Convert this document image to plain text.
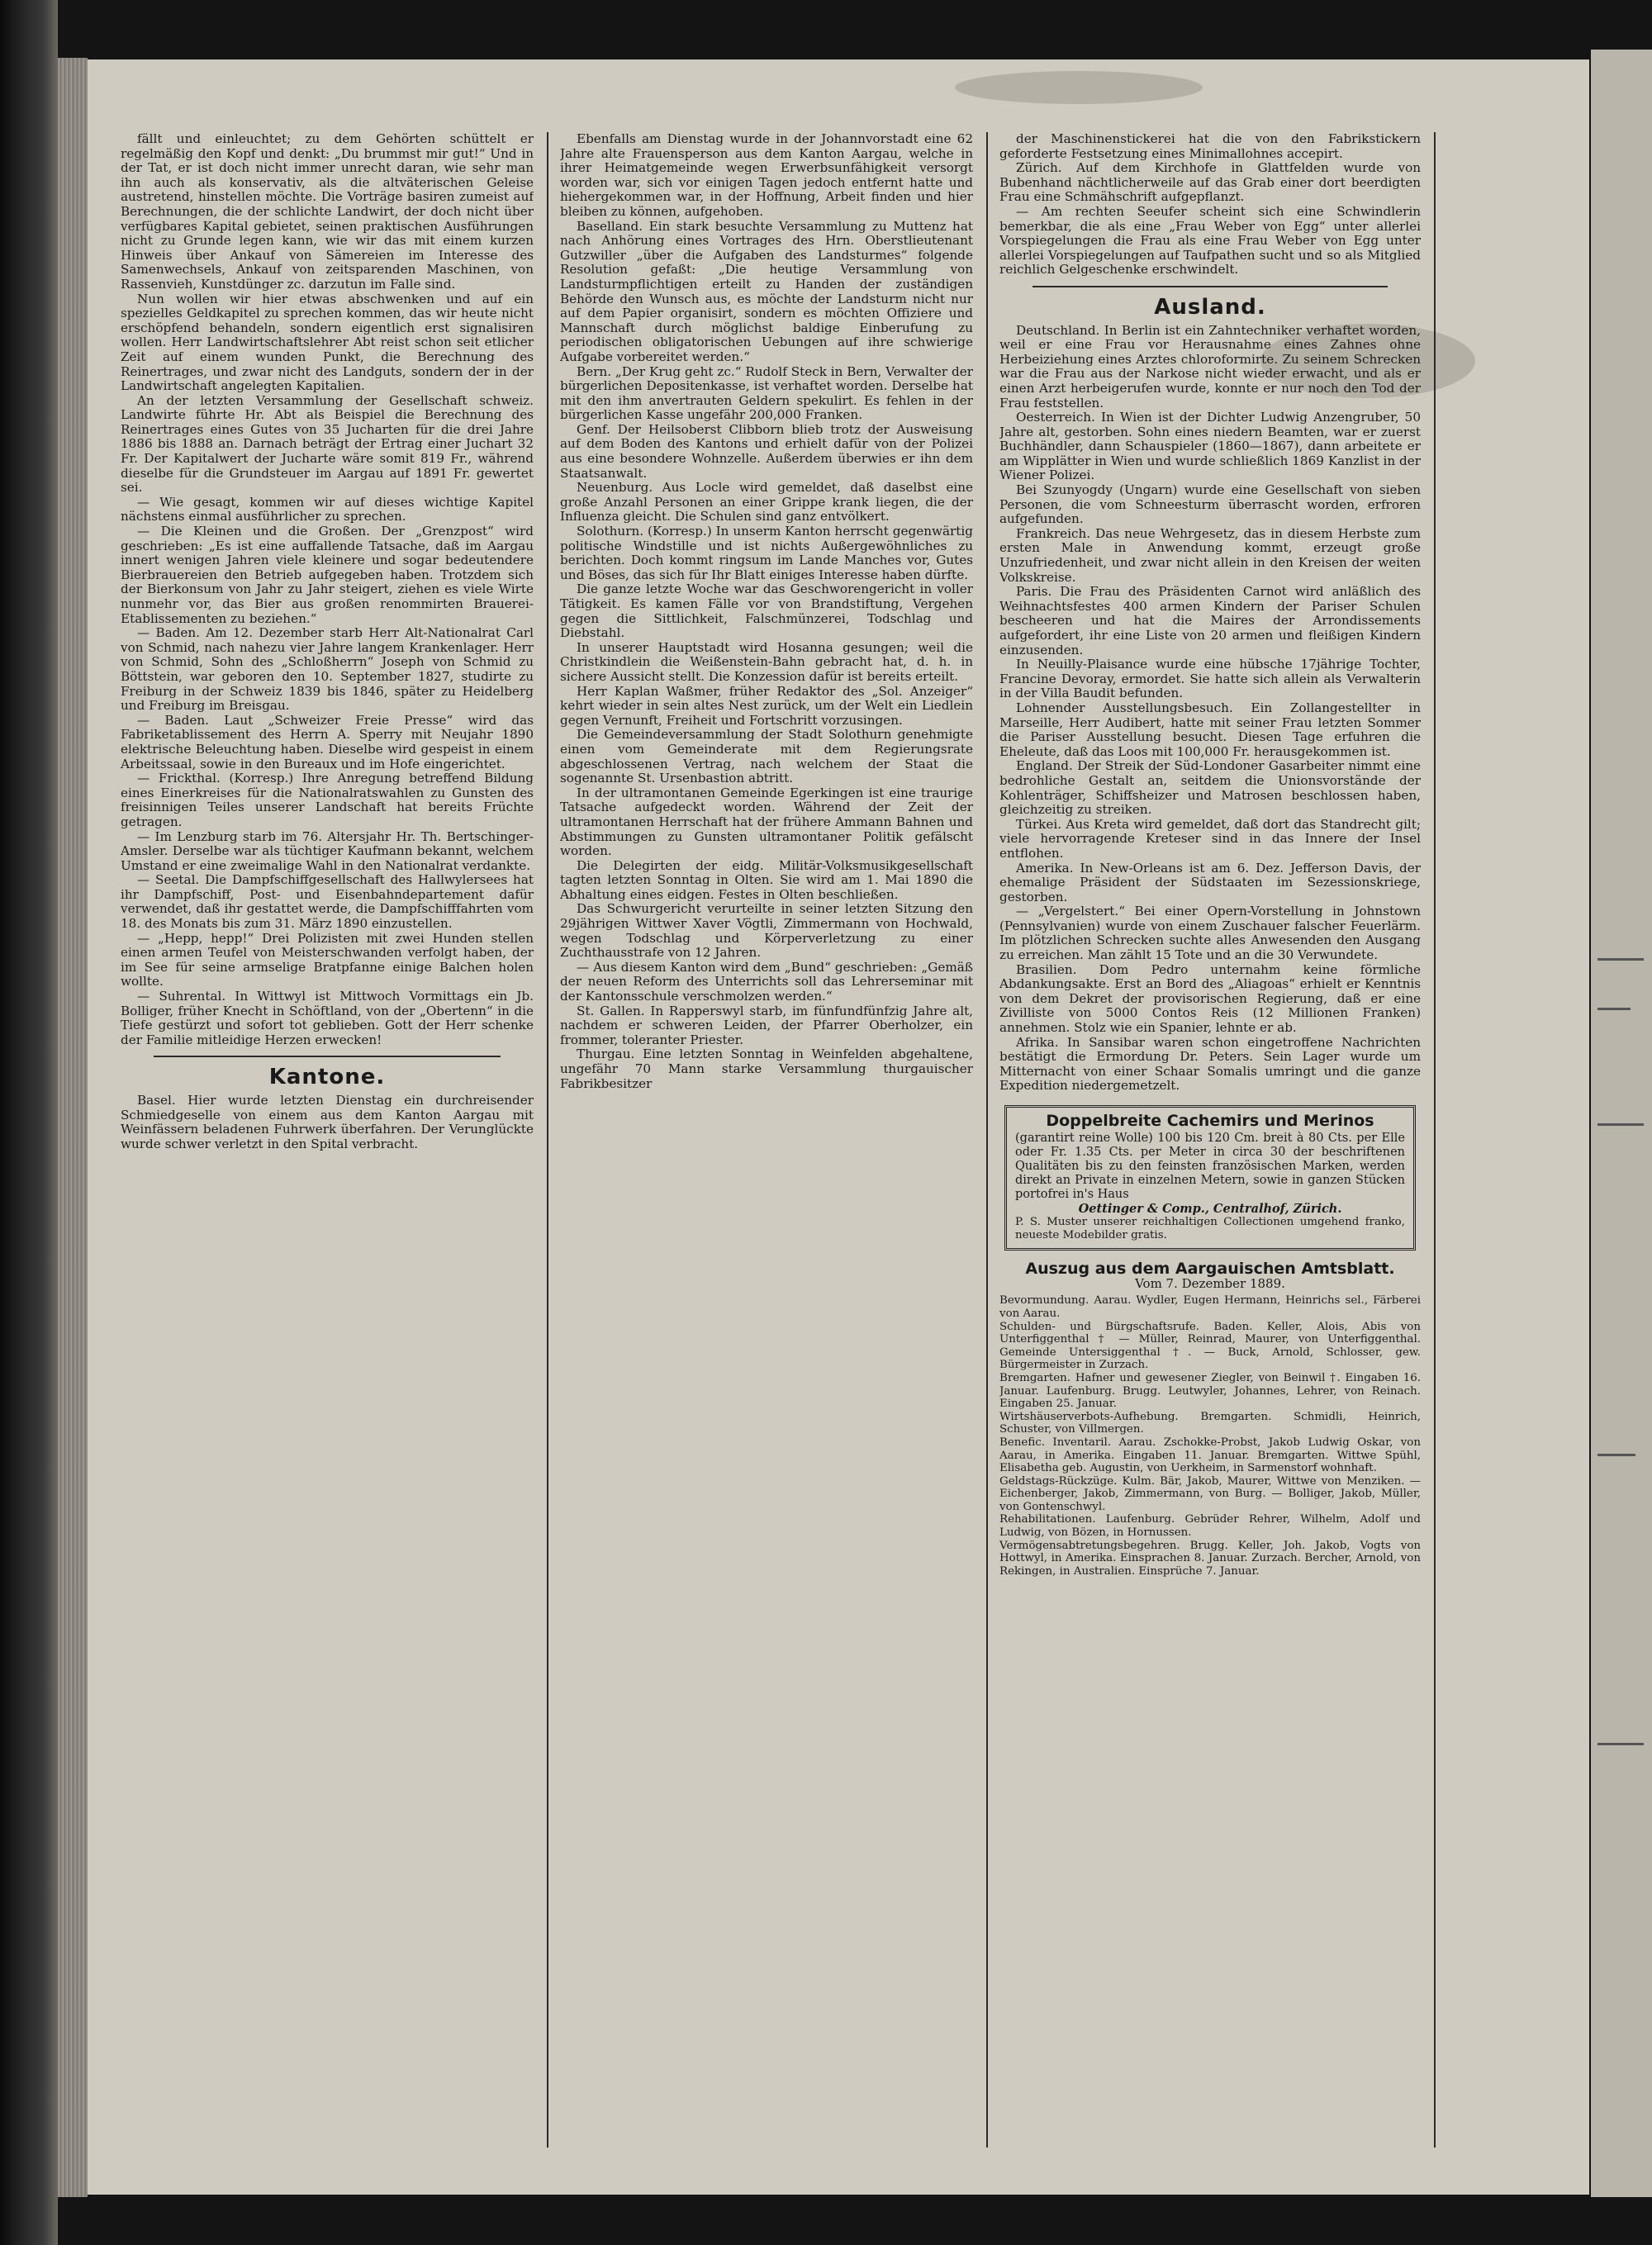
fällt und einleuchtet; zu dem Gehörten schüttelt er regelmäßig den Kopf und denkt: „Du brummst mir gut!“ Und in der Tat, er ist doch nicht immer unrecht daran, wie sehr man ihn auch als konservativ, als die altväterischen Geleise austretend, hinstellen möchte. Die Vorträge basiren zumeist auf Berechnungen, die der schlichte Landwirt, der doch nicht über verfügbares Kapital gebietet, seinen praktischen Ausführungen nicht zu Grunde legen kann, wie wir das mit einem kurzen Hinweis über Ankauf von Sämereien im Interesse des Samenwechsels, Ankauf von zeitsparenden Maschinen, von Rassenvieh, Kunstdünger zc. darzutun im Falle sind.

Nun wollen wir hier etwas abschwenken und auf ein spezielles Geldkapitel zu sprechen kommen, das wir heute nicht erschöpfend behandeln, sondern eigentlich erst signalisiren wollen. Herr Landwirtschaftslehrer Abt reist schon seit etlicher Zeit auf einem wunden Punkt, die Berechnung des Reinertrages, und zwar nicht des Landguts, sondern der in der Landwirtschaft angelegten Kapitalien.

An der letzten Versammlung der Gesellschaft schweiz. Landwirte führte Hr. Abt als Beispiel die Berechnung des Reinertrages eines Gutes von 35 Jucharten für die drei Jahre 1886 bis 1888 an. Darnach beträgt der Ertrag einer Juchart 32 Fr. Der Kapitalwert der Jucharte wäre somit 819 Fr., während dieselbe für die Grundsteuer im Aargau auf 1891 Fr. gewertet sei.

— Wie gesagt, kommen wir auf dieses wichtige Kapitel nächstens einmal ausführlicher zu sprechen.

— Die Kleinen und die Großen. Der „Grenzpost“ wird geschrieben: „Es ist eine auffallende Tatsache, daß im Aargau innert wenigen Jahren viele kleinere und sogar bedeutendere Bierbrauereien den Betrieb aufgegeben haben. Trotzdem sich der Bierkonsum von Jahr zu Jahr steigert, ziehen es viele Wirte nunmehr vor, das Bier aus großen renommirten Brauerei-Etablissementen zu beziehen.“

— Baden. Am 12. Dezember starb Herr Alt-Nationalrat Carl von Schmid, nach nahezu vier Jahre langem Krankenlager. Herr von Schmid, Sohn des „Schloßherrn“ Joseph von Schmid zu Böttstein, war geboren den 10. September 1827, studirte zu Freiburg in der Schweiz 1839 bis 1846, später zu Heidelberg und Freiburg im Breisgau.

— Baden. Laut „Schweizer Freie Presse“ wird das Fabriketablissement des Herrn A. Sperry mit Neujahr 1890 elektrische Beleuchtung haben. Dieselbe wird gespeist in einem Arbeitssaal, sowie in den Bureaux und im Hofe eingerichtet.

— Frickthal. (Korresp.) Ihre Anregung betreffend Bildung eines Einerkreises für die Nationalratswahlen zu Gunsten des freisinnigen Teiles unserer Landschaft hat bereits Früchte getragen.

— Im Lenzburg starb im 76. Altersjahr Hr. Th. Bertschinger-Amsler. Derselbe war als tüchtiger Kaufmann bekannt, welchem Umstand er eine zweimalige Wahl in den Nationalrat verdankte.

— Seetal. Die Dampfschiffgesellschaft des Hallwylersees hat ihr Dampfschiff, Post- und Eisenbahndepartement dafür verwendet, daß ihr gestattet werde, die Dampfschifffahrten vom 18. des Monats bis zum 31. März 1890 einzustellen.

— „Hepp, hepp!“ Drei Polizisten mit zwei Hunden stellen einen armen Teufel von Meisterschwanden verfolgt haben, der im See für seine armselige Bratpfanne einige Balchen holen wollte.

— Suhrental. In Wittwyl ist Mittwoch Vormittags ein Jb. Bolliger, früher Knecht in Schöftland, von der „Obertenn“ in die Tiefe gestürzt und sofort tot geblieben. Gott der Herr schenke der Familie mitleidige Herzen erwecken!

Kantone.

Basel. Hier wurde letzten Dienstag ein durchreisender Schmiedgeselle von einem aus dem Kanton Aargau mit Weinfässern beladenen Fuhrwerk überfahren. Der Verunglückte wurde schwer verletzt in den Spital verbracht.

Ebenfalls am Dienstag wurde in der Johannvorstadt eine 62 Jahre alte Frauensperson aus dem Kanton Aargau, welche in ihrer Heimatgemeinde wegen Erwerbsunfähigkeit versorgt worden war, sich vor einigen Tagen jedoch entfernt hatte und hiehergekommen war, in der Hoffnung, Arbeit finden und hier bleiben zu können, aufgehoben.

Baselland. Ein stark besuchte Versammlung zu Muttenz hat nach Anhörung eines Vortrages des Hrn. Oberstlieutenant Gutzwiller „über die Aufgaben des Landsturmes“ folgende Resolution gefaßt: „Die heutige Versammlung von Landsturmpflichtigen erteilt zu Handen der zuständigen Behörde den Wunsch aus, es möchte der Landsturm nicht nur auf dem Papier organisirt, sondern es möchten Offiziere und Mannschaft durch möglichst baldige Einberufung zu periodischen obligatorischen Uebungen auf ihre schwierige Aufgabe vorbereitet werden.“

Bern. „Der Krug geht zc.“ Rudolf Steck in Bern, Verwalter der bürgerlichen Depositenkasse, ist verhaftet worden. Derselbe hat mit den ihm anvertrauten Geldern spekulirt. Es fehlen in der bürgerlichen Kasse ungefähr 200,000 Franken.

Genf. Der Heilsoberst Clibborn blieb trotz der Ausweisung auf dem Boden des Kantons und erhielt dafür von der Polizei aus eine besondere Wohnzelle. Außerdem überwies er ihn dem Staatsanwalt.

Neuenburg. Aus Locle wird gemeldet, daß daselbst eine große Anzahl Personen an einer Grippe krank liegen, die der Influenza gleicht. Die Schulen sind ganz entvölkert.

Solothurn. (Korresp.) In unserm Kanton herrscht gegenwärtig politische Windstille und ist nichts Außergewöhnliches zu berichten. Doch kommt ringsum im Lande Manches vor, Gutes und Böses, das sich für Ihr Blatt einiges Interesse haben dürfte.

Die ganze letzte Woche war das Geschworengericht in voller Tätigkeit. Es kamen Fälle vor von Brandstiftung, Vergehen gegen die Sittlichkeit, Falschmünzerei, Todschlag und Diebstahl.

In unserer Hauptstadt wird Hosanna gesungen; weil die Christkindlein die Weißenstein-Bahn gebracht hat, d. h. in sichere Aussicht stellt. Die Konzession dafür ist bereits erteilt.

Herr Kaplan Waßmer, früher Redaktor des „Sol. Anzeiger“ kehrt wieder in sein altes Nest zurück, um der Welt ein Liedlein gegen Vernunft, Freiheit und Fortschritt vorzusingen.

Die Gemeindeversammlung der Stadt Solothurn genehmigte einen vom Gemeinderate mit dem Regierungsrate abgeschlossenen Vertrag, nach welchem der Staat die sogenannte St. Ursenbastion abtritt.

In der ultramontanen Gemeinde Egerkingen ist eine traurige Tatsache aufgedeckt worden. Während der Zeit der ultramontanen Herrschaft hat der frühere Ammann Bahnen und Abstimmungen zu Gunsten ultramontaner Politik gefälscht worden.

Die Delegirten der eidg. Militär-Volksmusikgesellschaft tagten letzten Sonntag in Olten. Sie wird am 1. Mai 1890 die Abhaltung eines eidgen. Festes in Olten beschließen.

Das Schwurgericht verurteilte in seiner letzten Sitzung den 29jährigen Wittwer Xaver Vögtli, Zimmermann von Hochwald, wegen Todschlag und Körperverletzung zu einer Zuchthausstrafe von 12 Jahren.

— Aus diesem Kanton wird dem „Bund“ geschrieben: „Gemäß der neuen Reform des Unterrichts soll das Lehrerseminar mit der Kantonsschule verschmolzen werden.“

St. Gallen. In Rapperswyl starb, im fünfundfünfzig Jahre alt, nachdem er schweren Leiden, der Pfarrer Oberholzer, ein frommer, toleranter Priester.

Thurgau. Eine letzten Sonntag in Weinfelden abgehaltene, ungefähr 70 Mann starke Versammlung thurgauischer Fabrikbesitzer

der Maschinenstickerei hat die von den Fabrikstickern geforderte Festsetzung eines Minimallohnes accepirt.

Zürich. Auf dem Kirchhofe in Glattfelden wurde von Bubenhand nächtlicherweile auf das Grab einer dort beerdigten Frau eine Schmähschrift aufgepflanzt.

— Am rechten Seeufer scheint sich eine Schwindlerin bemerkbar, die als eine „Frau Weber von Egg“ unter allerlei Vorspiegelungen die Frau als eine Frau Weber von Egg unter allerlei Vorspiegelungen auf Taufpathen sucht und so als Mitglied reichlich Gelgeschenke erschwindelt.

Ausland.

Deutschland. In Berlin ist ein Zahntechniker verhaftet worden, weil er eine Frau vor Herausnahme eines Zahnes ohne Herbeiziehung eines Arztes chloroformirte. Zu seinem Schrecken war die Frau aus der Narkose nicht wieder erwacht, und als er einen Arzt herbeigerufen wurde, konnte er nur noch den Tod der Frau feststellen.

Oesterreich. In Wien ist der Dichter Ludwig Anzengruber, 50 Jahre alt, gestorben. Sohn eines niedern Beamten, war er zuerst Buchhändler, dann Schauspieler (1860—1867), dann arbeitete er am Wipplätter in Wien und wurde schließlich 1869 Kanzlist in der Wiener Polizei.

Bei Szunyogdy (Ungarn) wurde eine Gesellschaft von sieben Personen, die vom Schneesturm überrascht worden, erfroren aufgefunden.

Frankreich. Das neue Wehrgesetz, das in diesem Herbste zum ersten Male in Anwendung kommt, erzeugt große Unzufriedenheit, und zwar nicht allein in den Kreisen der weiten Volkskreise.

Paris. Die Frau des Präsidenten Carnot wird anläßlich des Weihnachtsfestes 400 armen Kindern der Pariser Schulen bescheeren und hat die Maires der Arrondissements aufgefordert, ihr eine Liste von 20 armen und fleißigen Kindern einzusenden.

In Neuilly-Plaisance wurde eine hübsche 17jährige Tochter, Francine Devoray, ermordet. Sie hatte sich allein als Verwalterin in der Villa Baudit befunden.

Lohnender Ausstellungsbesuch. Ein Zollangestellter in Marseille, Herr Audibert, hatte mit seiner Frau letzten Sommer die Pariser Ausstellung besucht. Diesen Tage erfuhren die Eheleute, daß das Loos mit 100,000 Fr. herausgekommen ist.

England. Der Streik der Süd-Londoner Gasarbeiter nimmt eine bedrohliche Gestalt an, seitdem die Unionsvorstände der Kohlenträger, Schiffsheizer und Matrosen beschlossen haben, gleichzeitig zu streiken.

Türkei. Aus Kreta wird gemeldet, daß dort das Standrecht gilt; viele hervorragende Kreteser sind in das Innere der Insel entflohen.

Amerika. In New-Orleans ist am 6. Dez. Jefferson Davis, der ehemalige Präsident der Südstaaten im Sezessionskriege, gestorben.

— „Vergelstert.“ Bei einer Opern-Vorstellung in Johnstown (Pennsylvanien) wurde von einem Zuschauer falscher Feuerlärm. Im plötzlichen Schrecken suchte alles Anwesenden den Ausgang zu erreichen. Man zählt 15 Tote und an die 30 Verwundete.

Brasilien. Dom Pedro unternahm keine förmliche Abdankungsakte. Erst an Bord des „Aliagoas“ erhielt er Kenntnis von dem Dekret der provisorischen Regierung, daß er eine Zivilliste von 5000 Contos Reis (12 Millionen Franken) annehmen. Stolz wie ein Spanier, lehnte er ab.

Afrika. In Sansibar waren schon eingetroffene Nachrichten bestätigt die Ermordung Dr. Peters. Sein Lager wurde um Mitternacht von einer Schaar Somalis umringt und die ganze Expedition niedergemetzelt.

Doppelbreite Cachemirs und Merinos
(garantirt reine Wolle) 100 bis 120 Cm. breit à 80 Cts. per Elle oder Fr. 1.35 Cts. per Meter in circa 30 der beschriftenen Qualitäten bis zu den feinsten französischen Marken, werden direkt an Private in einzelnen Metern, sowie in ganzen Stücken portofrei in's Haus
Oettinger & Comp., Centralhof, Zürich.
P. S. Muster unserer reichhaltigen Collectionen umgehend franko, neueste Modebilder gratis.
Auszug aus dem Aargauischen Amtsblatt.
Vom 7. Dezember 1889.

Bevormundung. Aarau. Wydler, Eugen Hermann, Heinrichs sel., Färberei von Aarau.

Schulden- und Bürgschaftsrufe. Baden. Keller, Alois, Abis von Unterfiggenthal † — Müller, Reinrad, Maurer, von Unterfiggenthal. Gemeinde Untersiggenthal †. — Buck, Arnold, Schlosser, gew. Bürgermeister in Zurzach.

Bremgarten. Hafner und gewesener Ziegler, von Beinwil †. Eingaben 16. Januar. Laufenburg. Brugg. Leutwyler, Johannes, Lehrer, von Reinach. Eingaben 25. Januar.

Wirtshäuserverbots-Aufhebung. Bremgarten. Schmidli, Heinrich, Schuster, von Villmergen.

Benefic. Inventaril. Aarau. Zschokke-Probst, Jakob Ludwig Oskar, von Aarau, in Amerika. Eingaben 11. Januar. Bremgarten. Wittwe Spühl, Elisabetha geb. Augustin, von Uerkheim, in Sarmenstorf wohnhaft.

Geldstags-Rückzüge. Kulm. Bär, Jakob, Maurer, Wittwe von Menziken. — Eichenberger, Jakob, Zimmermann, von Burg. — Bolliger, Jakob, Müller, von Gontenschwyl.

Rehabilitationen. Laufenburg. Gebrüder Rehrer, Wilhelm, Adolf und Ludwig, von Bözen, in Hornussen.

Vermögensabtretungsbegehren. Brugg. Keller, Joh. Jakob, Vogts von Hottwyl, in Amerika. Einsprachen 8. Januar. Zurzach. Bercher, Arnold, von Rekingen, in Australien. Einsprüche 7. Januar.
